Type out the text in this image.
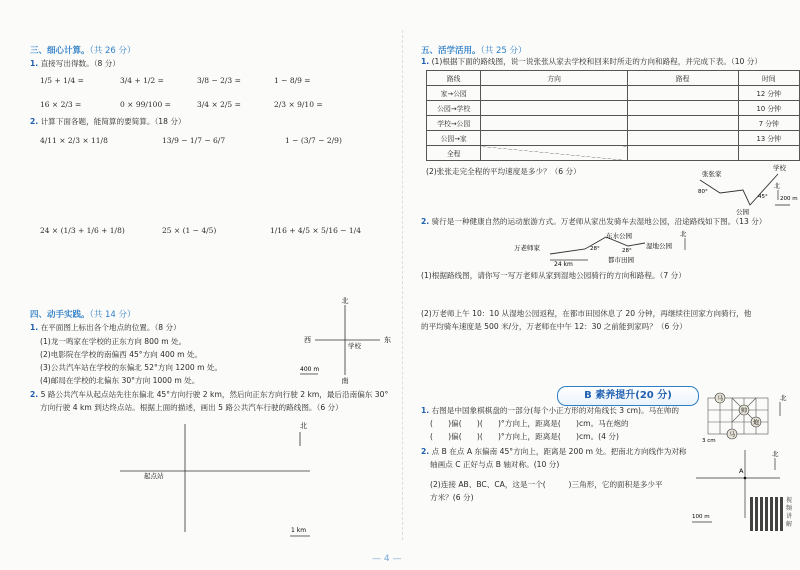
三、细心计算。（共 26 分）
1. 直接写出得数。（8 分）
1/5 + 1/4 =	3/4 + 1/2 =	3/8 − 2/3 =	1 − 8/9 =
16 × 2/3 =	0 × 99/100 =	3/4 × 2/5 =	2/3 × 9/10 =
2. 计算下面各题，能简算的要简算。（18 分）
4/11 × 2/3 × 11/8	13/9 − 1/7 − 6/7	1 − (3/7 − 2/9)
24 × (1/3 + 1/6 + 1/8)	25 × (1 − 4/5)	1/16 + 4/5 × 5/16 − 1/4
四、动手实践。（共 14 分）
1. 在平面图上标出各个地点的位置。（8 分）
(1)龙一鸣家在学校的正东方向 800 m 处。
(2)电影院在学校的南偏西 45°方向 400 m 处。
(3)公共汽车站在学校的东偏北 52°方向 1200 m 处。
(4)邮局在学校的北偏东 30°方向 1000 m 处。
北
南
西	东
学校
400 m
2. 5 路公共汽车从起点站先往东偏北 45°方向行驶 2 km，然后向正东方向行驶 2 km，最后沿南偏东 30°
方向行驶 4 km 到达终点站。根据上面的描述，画出 5 路公共汽车行驶的路线图。（6 分）
起点站
北
1 km
五、活学活用。（共 25 分）
1. (1)根据下面的路线图，说一说张张从家去学校和回来时所走的方向和路程，并完成下表。（10 分）
路线	方向	路程	时间
家→公园			12 分钟
公园→学校			10 分钟
学校→公园			7 分钟
公园→家			13 分钟
全程			
(2)张张走完全程的平均速度是多少？（6 分）	张张家
公园
学校
80°
45°
北
200 m
2. 骑行是一种健康自然的运动旅游方式。万老师从家出发骑车去湿地公园，沿途路线如下图。（13 分）
万老师家
东水公园
湿地公园
都市田园
28°	28°
24 km
北
(1)根据路线图，请你写一写万老师从家到湿地公园骑行的方向和路程。（7 分）
(2)万老师上午 10：10 从湿地公园返程，在都市田园休息了 20 分钟，再继续往回家方向骑行，他
的平均骑车速度是 500 米/分，万老师在中午 12：30 之前能到家吗？（6 分）
B 素养提升(20 分)
1. 右图是中国象棋棋盘的一部分(每个小正方形的对角线长 3 cm)。马在帅的
(　　)偏(　　)(　　)°方向上，距离是(　　)cm。马在炮的
(　　)偏(　　)(　　)°方向上，距离是(　　)cm。(4 分)
马
帅
炮
马
北
3 cm
2. 点 B 在点 A 东偏南 45°方向上，距离是 200 m 处。把南北方向线作为对称
轴画点 C 正好与点 B 轴对称。(10 分)
(2)连接 AB、BC、CA，这是一个(　　　)三角形，它的面积是多少平
方米？(6 分)
A
北
100 m
视频讲解
— 4 —
